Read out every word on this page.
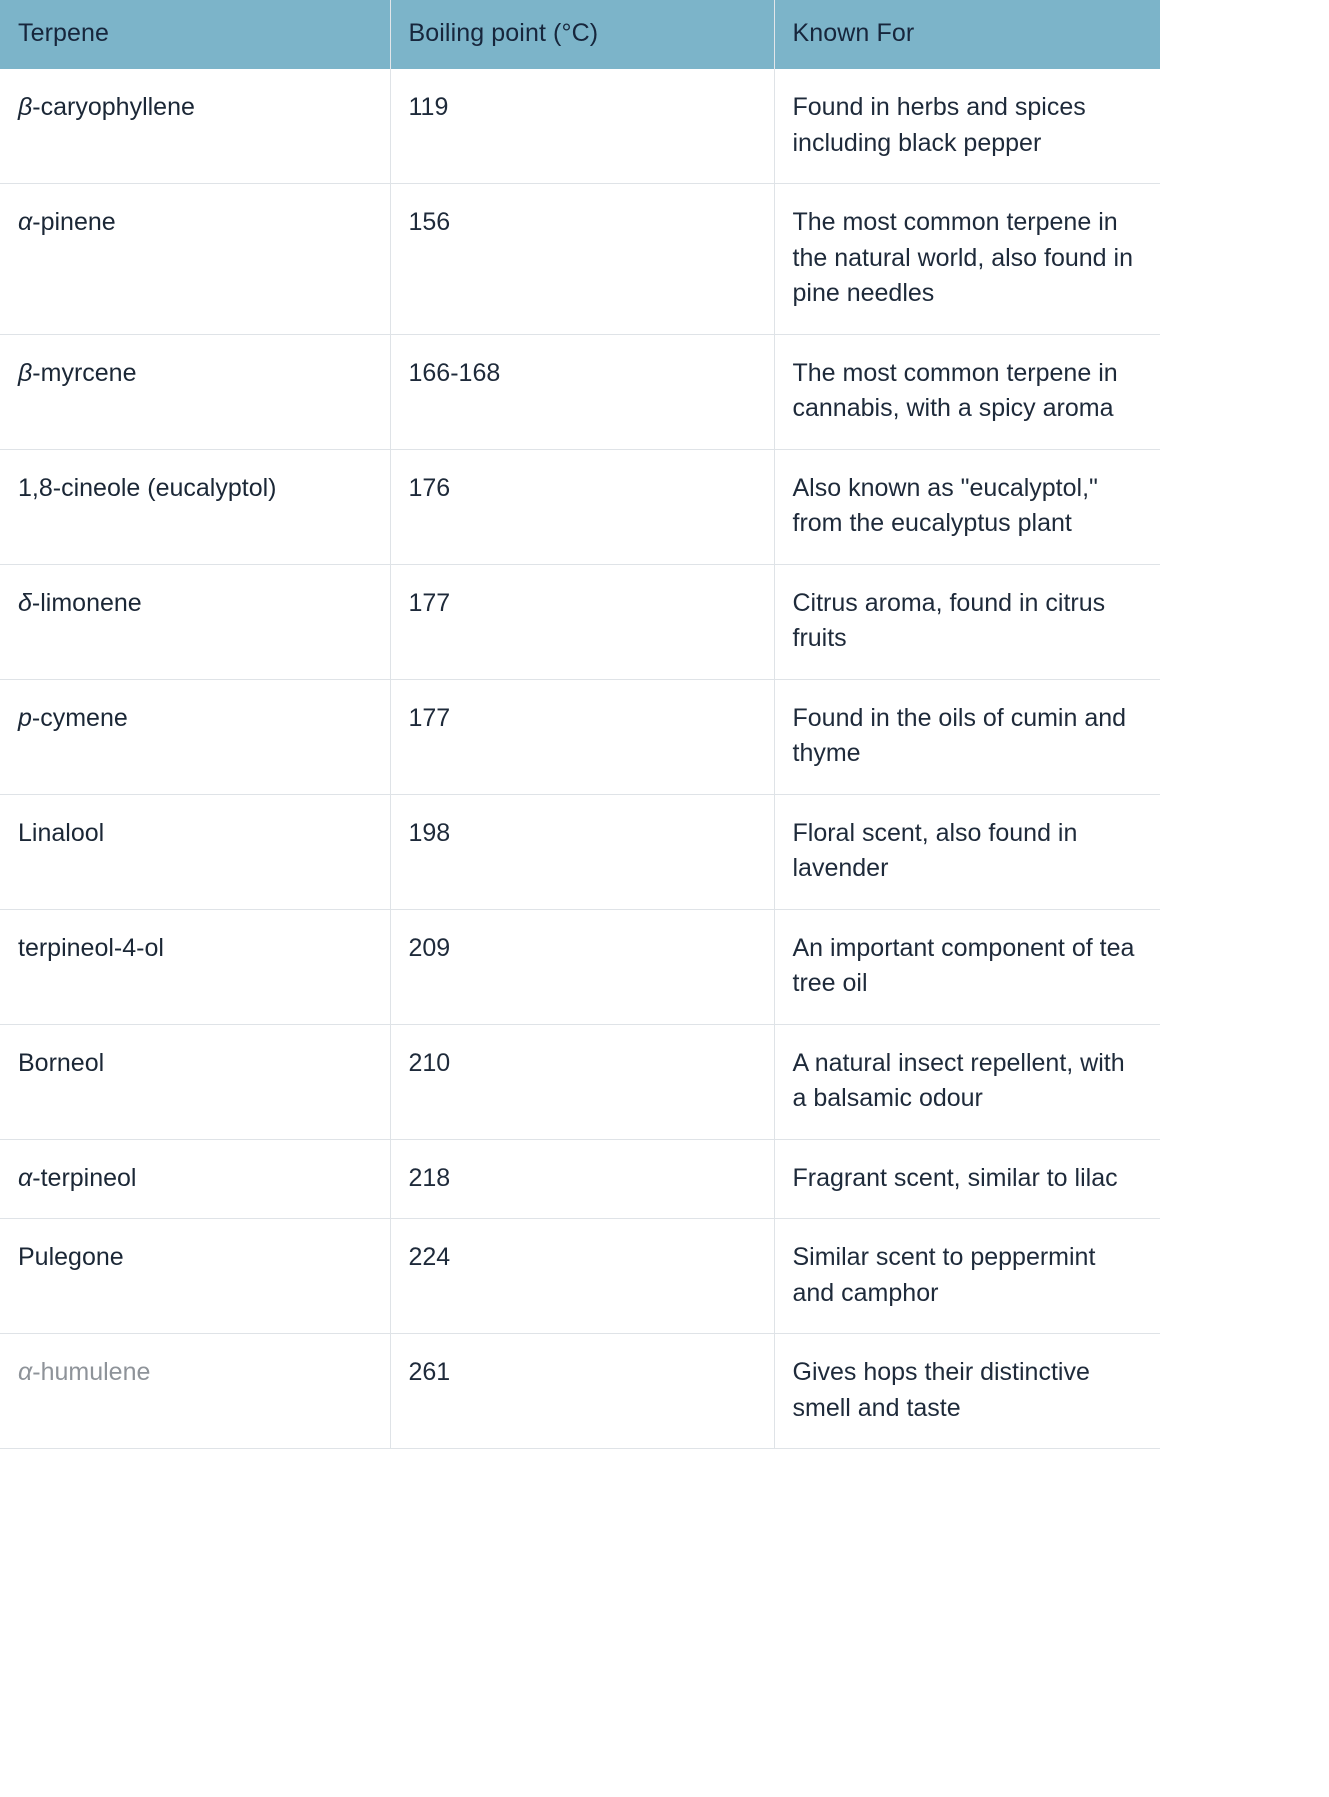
Terpene	Boiling point (°C)	Known For
β-caryophyllene	119	Found in herbs and spices including black pepper
α-pinene	156	The most common terpene in the natural world, also found in pine needles
β-myrcene	166-168	The most common terpene in cannabis, with a spicy aroma
1,8-cineole (eucalyptol)	176	Also known as "eucalyptol," from the eucalyptus plant
δ-limonene	177	Citrus aroma, found in citrus fruits
p-cymene	177	Found in the oils of cumin and thyme
Linalool	198	Floral scent, also found in lavender
terpineol-4-ol	209	An important component of tea tree oil
Borneol	210	A natural insect repellent, with a balsamic odour
α-terpineol	218	Fragrant scent, similar to lilac
Pulegone	224	Similar scent to peppermint and camphor
α-humulene	261	Gives hops their distinctive smell and taste
